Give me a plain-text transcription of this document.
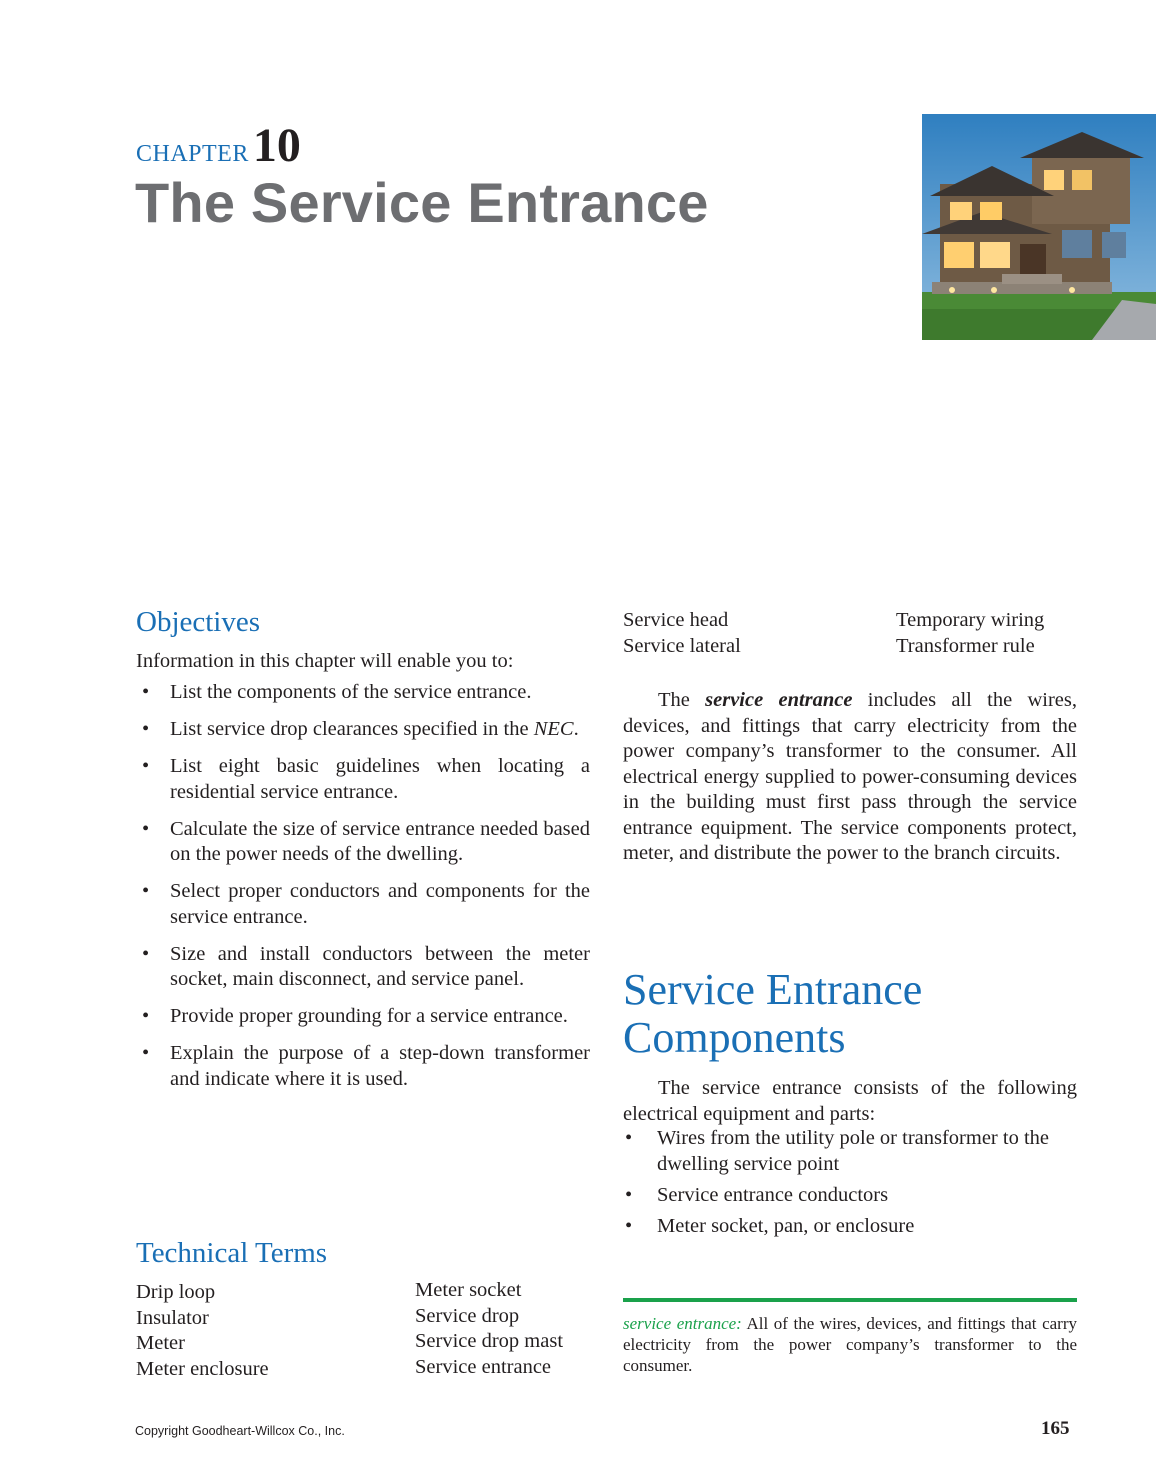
CHAPTER10
The Service Entrance
Objectives
Information in this chapter will enable you to:
• List the components of the service entrance.
• List service drop clearances specified in the NEC.
• List eight basic guidelines when locating a residential service entrance.
• Calculate the size of service entrance needed based on the power needs of the dwelling.
• Select proper conductors and components for the service entrance.
• Size and install conductors between the meter socket, main disconnect, and service panel.
• Provide proper grounding for a service entrance.
• Explain the purpose of a step-down transformer and indicate where it is used.
Technical Terms
Drip loop
Insulator
Meter
Meter enclosure
Meter socket
Service drop
Service drop mast
Service entrance
Service head
Service lateral
Temporary wiring
Transformer rule

The service entrance includes all the wires, devices, and fittings that carry electricity from the power company’s transformer to the consumer. All electrical energy supplied to power-consuming devices in the building must first pass through the service entrance equipment. The service components protect, meter, and distribute the power to the branch circuits.

Service Entrance Components

The service entrance consists of the following electrical equipment and parts:

• Wires from the utility pole or transformer to the dwelling service point
• Service entrance conductors
• Meter socket, pan, or enclosure
service entrance: All of the wires, devices, and fittings that carry electricity from the power company’s transformer to the consumer.
Copyright Goodheart-Willcox Co., Inc.	165
